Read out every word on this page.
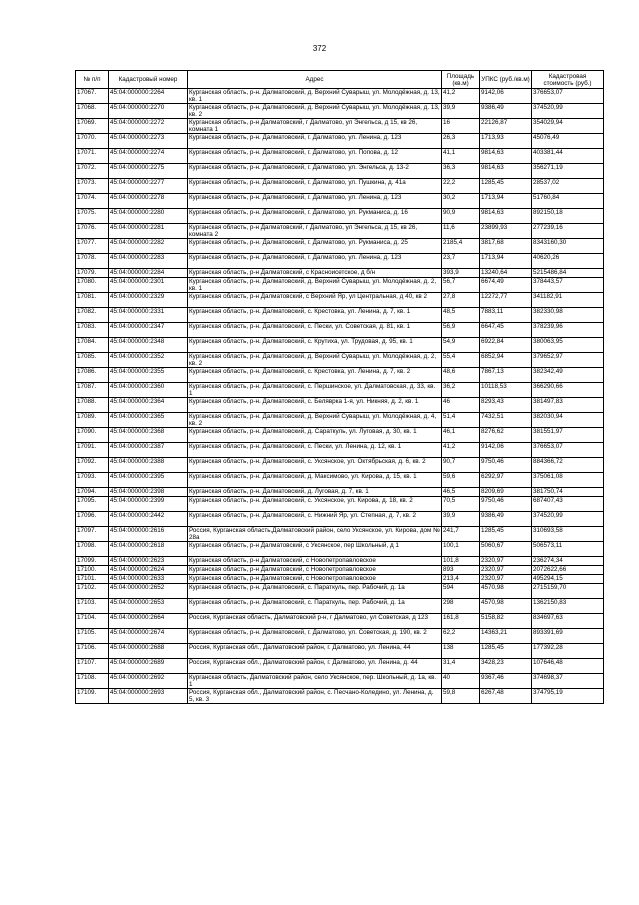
372
№ п/п	Кадастровый номер	Адрес	Площадь (кв.м)	УПКС (руб./кв.м)	Кадастровая стоимость (руб.)
17067.	45:04:000000:2264	Курганская область, р-н. Далматовский, д. Верхний Суварыш, ул. Молодёжная, д. 13, кв. 1	41,2	9142,06	376653,07
17068.	45:04:000000:2270	Курганская область, р-н. Далматовский, д. Верхний Суварыш, ул. Молодёжная, д. 13, кв. 2	39,9	9386,49	374520,99
17069.	45:04:000000:2272	Курганская область, р-н Далматовский, г Далматово, ул Энгельса, д 15, кв 26, комната 1	16	22126,87	354029,94
17070.	45:04:000000:2273	Курганская область, р-н. Далматовский, г. Далматово, ул. Ленина, д. 123	26,3	1713,93	45076,49
17071.	45:04:000000:2274	Курганская область, р-н. Далматовский, г. Далматово, ул. Попова, д. 12	41,1	9814,63	403381,44
17072.	45:04:000000:2275	Курганская область, р-н. Далматовский, г. Далматово, ул. Энгельса, д. 13-2	36,3	9814,63	356271,19
17073.	45:04:000000:2277	Курганская область, р-н. Далматовский, г. Далматово, ул. Пушкина, д. 41а	22,2	1285,45	28537,02
17074.	45:04:000000:2278	Курганская область, р-н. Далматовский, г. Далматово, ул. Ленина, д. 123	30,2	1713,94	51760,84
17075.	45:04:000000:2280	Курганская область, р-н. Далматовский, г. Далматово, ул. Рукманиса, д. 16	90,9	9814,63	892150,18
17076.	45:04:000000:2281	Курганская область, р-н Далматовский, г Далматово, ул Энгельса, д 15, кв 26, комната 2	11,6	23899,93	277239,16
17077.	45:04:000000:2282	Курганская область, р-н. Далматовский, г. Далматово, ул. Рукманиса, д. 25	2185,4	3817,68	8343160,30
17078.	45:04:000000:2283	Курганская область, р-н. Далматовский, г. Далматово, ул. Ленина, д. 123	23,7	1713,94	40620,26
17079.	45:04:000000:2284	Курганская область, р-н Далматовский, с Красноисетское, д б/н	393,9	13240,64	5215486,84
17080.	45:04:000000:2301	Курганская область, р-н. Далматовский, д. Верхний Суварыш, ул. Молодёжная, д. 2, кв. 1	56,7	6674,49	378443,57
17081.	45:04:000000:2329	Курганская область, р-н Далматовский, с Верхний Яр, ул Центральная, д 40, кв 2	27,8	12272,77	341182,91
17082.	45:04:000000:2331	Курганская область, р-н. Далматовский, с. Крестовка, ул. Ленина, д. 7, кв. 1	48,5	7883,11	382330,98
17083.	45:04:000000:2347	Курганская область, р-н. Далматовский, с. Пески, ул. Советская, д. 81, кв. 1	56,9	6647,45	378239,96
17084.	45:04:000000:2348	Курганская область, р-н. Далматовский, с. Крутиха, ул. Трудовая, д. 95, кв. 1	54,9	6922,84	380063,95
17085.	45:04:000000:2352	Курганская область, р-н. Далматовский, д. Верхний Суварыш, ул. Молодёжная, д. 2, кв. 2	55,4	6852,94	379652,97
17086.	45:04:000000:2355	Курганская область, р-н. Далматовский, с. Крестовка, ул. Ленина, д. 7, кв. 2	48,6	7867,13	382342,49
17087.	45:04:000000:2360	Курганская область, р-н. Далматовский, с. Першинское, ул. Далматовская, д. 33, кв. 1	36,2	10118,53	366290,66
17088.	45:04:000000:2364	Курганская область, р-н. Далматовский, с. Беляврка 1-я, ул. Никняя, д. 2, кв. 1	46	8293,43	381497,83
17089.	45:04:000000:2365	Курганская область, р-н. Далматовский, д. Верхний Суварыш, ул. Молодёжная, д. 4, кв. 2	51,4	7432,51	382030,94
17090.	45:04:000000:2368	Курганская область, р-н. Далматовский, д. Сараткуль, ул. Луговая, д. 30, кв. 1	46,1	8276,62	381551,97
17091.	45:04:000000:2387	Курганская область, р-н. Далматовский, с. Пески, ул. Ленина, д. 12, кв. 1	41,2	9142,06	376653,07
17092.	45:04:000000:2388	Курганская область, р-н. Далматовский, с. Уксянское, ул. Октябрьская, д. 6, кв. 2	90,7	9750,46	884366,72
17093.	45:04:000000:2395	Курганская область, р-н. Далматовский, д. Максимово, ул. Кирова, д. 15, кв. 1	59,6	6292,97	375061,08
17094.	45:04:000000:2398	Курганская область, р-н. Далматовский, д. Луговая, д. 7, кв. 1	46,5	8209,69	381750,74
17095.	45:04:000000:2399	Курганская область, р-н. Далматовский, с. Уксянское, ул. Кирова, д. 18, кв. 2	70,5	9750,46	687407,43
17096.	45:04:000000:2442	Курганская область, р-н. Далматовский, с. Нижний Яр, ул. Степная, д. 7, кв. 2	39,9	9386,49	374520,99
17097.	45:04:000000:2616	Россия, Курганская область,Далматовский район, село Уксянское, ул. Кирова, дом № 28а	241,7	1285,45	310693,58
17098.	45:04:000000:2618	Курганская область, р-н Далматовский, с Уксянское, пер Школьный, д 1	100,1	5060,67	506573,11
17099.	45:04:000000:2623	Курганская область, р-н Далматовский, с Новопетропавловское	101,8	2320,97	236274,34
17100.	45:04:000000:2624	Курганская область, р-н Далматовский, с Новопетропавловское	893	2320,97	2072622,66
17101.	45:04:000000:2633	Курганская область, р-н Далматовский, с Новопетропавловское	213,4	2320,97	495294,15
17102.	45:04:000000:2652	Курганская область, р-н. Далматовский, с. Параткуль, пер. Рабочий, д. 1а	594	4570,98	2715159,70
17103.	45:04:000000:2653	Курганская область, р-н. Далматовский, с. Параткуль, пер. Рабочий, д. 1а	298	4570,98	1362150,83
17104.	45:04:000000:2664	Россия, Курганская область, Далматовский р-н, г Далматово, ул Советская, д 123	161,8	5158,82	834697,63
17105.	45:04:000000:2674	Курганская область, р-н. Далматовский, г. Далматово, ул. Советская, д. 190, кв. 2	62,2	14363,21	893391,69
17106.	45:04:000000:2688	Россия, Курганская обл., Далматовский район, г. Далматово, ул. Ленина, 44	138	1285,45	177392,28
17107.	45:04:000000:2689	Россия, Курганская обл., Далматовский район, г. Далматово, ул. Ленина, д. 44	31,4	3428,23	107646,48
17108.	45:04:000000:2692	Курганская область, Далматовский район, село Уксянское, пер. Школьный, д. 1а, кв. 1	40	9367,46	374698,37
17109.	45:04:000000:2693	Россия, Курганская обл., Далматовский район, с. Песчано-Коледино, ул. Ленина, д. 5, кв. 3	59,8	6267,48	374795,19
